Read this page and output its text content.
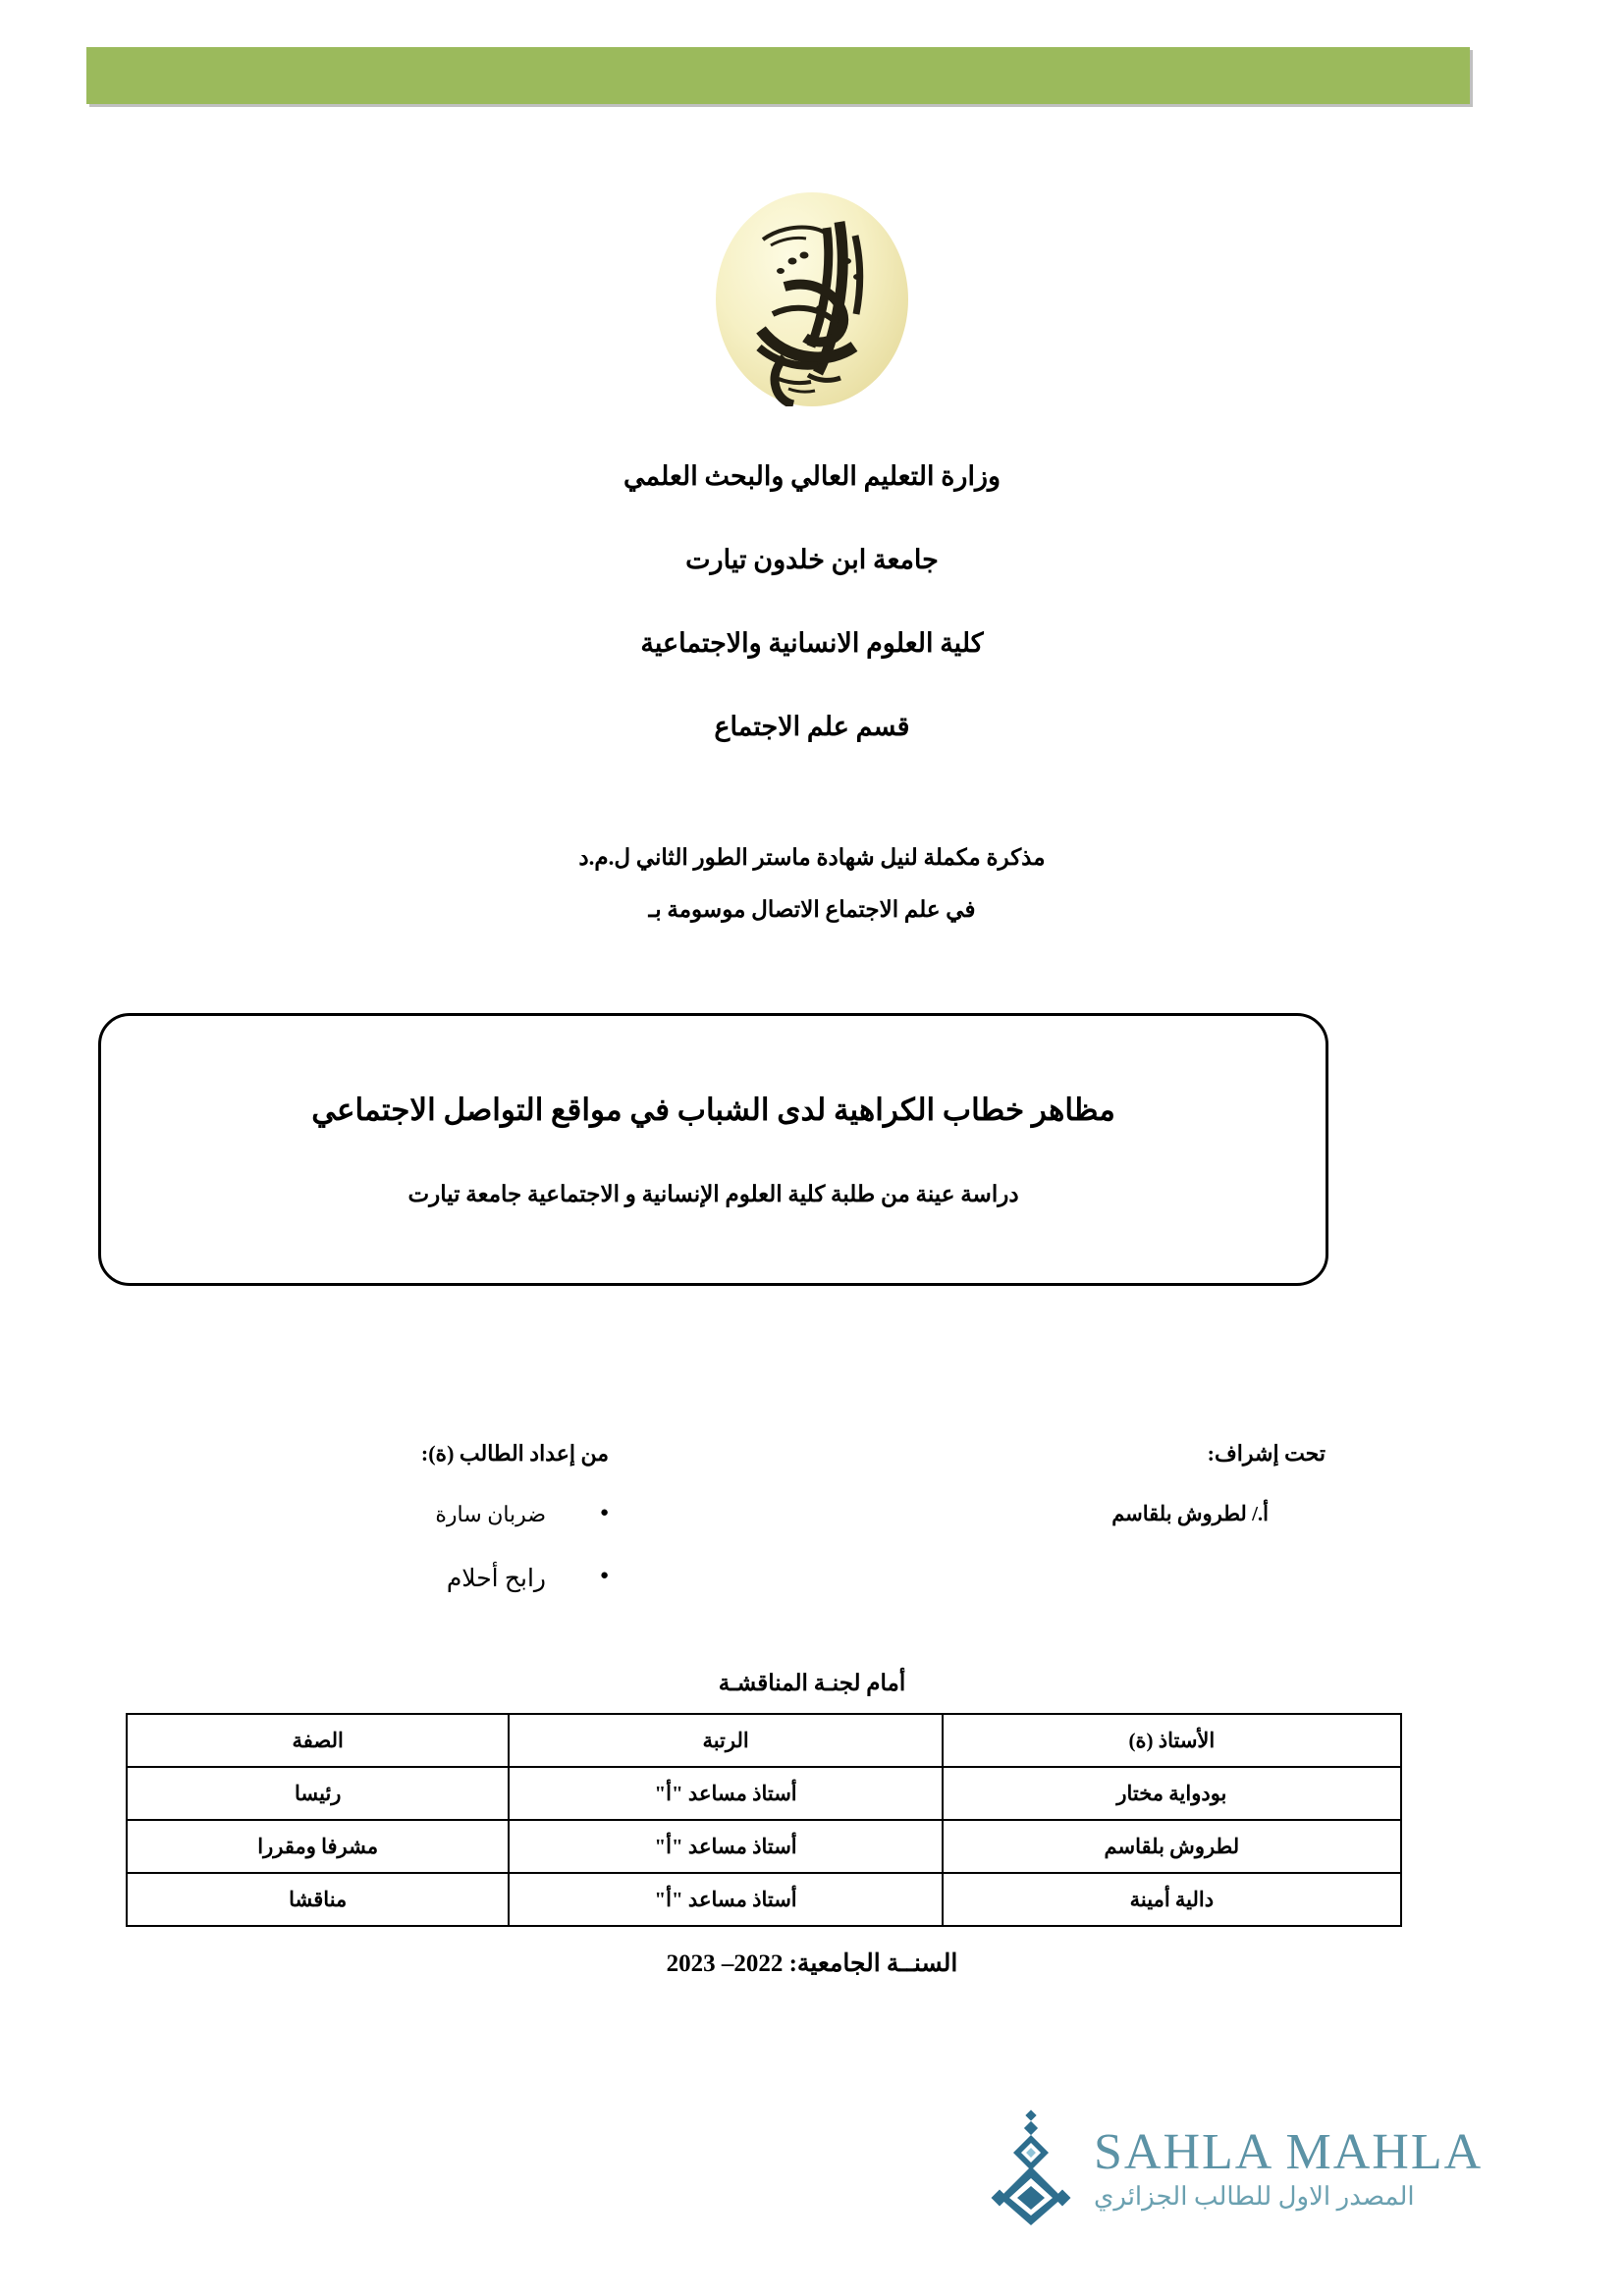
وزارة التعليم العالي والبحث العلمي

جامعة ابن خلدون تيارت

كلية العلوم الانسانية والاجتماعية

قسم علم الاجتماع

مذكرة مكملة لنيل شهادة ماستر الطور الثاني ل.م.د

في علم الاجتماع الاتصال موسومة بـ

مظاهر خطاب الكراهية لدى الشباب في مواقع التواصل الاجتماعي

دراسة عينة من طلبة كلية العلوم الإنسانية و الاجتماعية جامعة تيارت

تحت إشراف:

أ./ لطروش بلقاسم

من إعداد الطالب (ة):

● ضربان سارة
● رابح أحلام
أمام لجنـة المناقشـة
الأستاذ (ة)	الرتبة	الصفة
بودواية مختار	أستاذ مساعد "أ"	رئيسا
لطروش بلقاسم	أستاذ مساعد "أ"	مشرفا ومقررا
دالية أمينة	أستاذ مساعد "أ"	مناقشا
السنــة الجامعية: 2022– 2023
SAHLA MAHLA
المصدر الاول للطالب الجزائري
